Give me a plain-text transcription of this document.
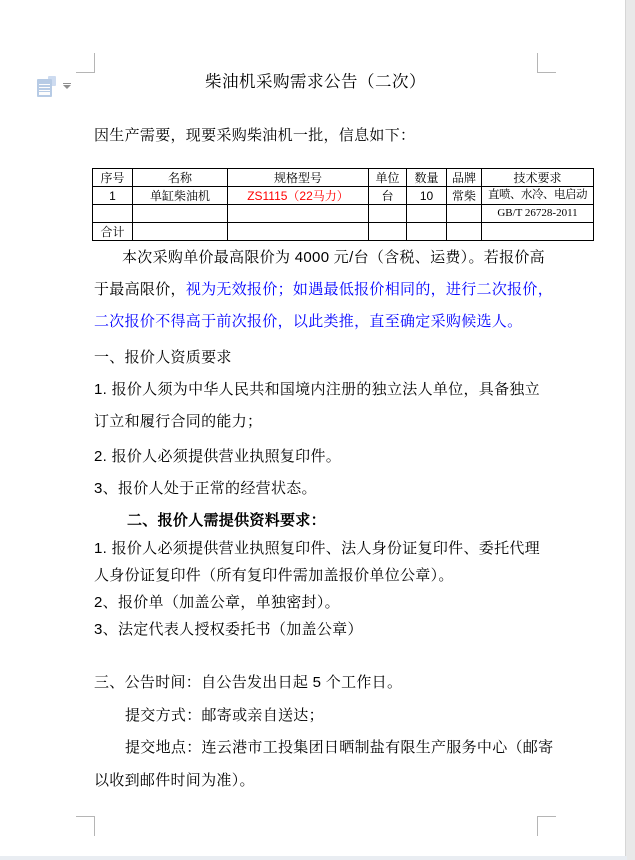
柴油机采购需求公告（二次）
因生产需要，现要采购柴油机一批，信息如下：
序号	名称	规格型号	单位	数量	品牌	技术要求
1	单缸柴油机	ZS1115（22马力）	台	10	常柴	直喷、水冷、电启动
						GB/T 26728-2011
合计						
本次采购单价最高限价为 4000 元/台（含税、运费）。若报价高
于最高限价，视为无效报价；如遇最低报价相同的，进行二次报价，
二次报价不得高于前次报价，以此类推，直至确定采购候选人。
一、报价人资质要求
1. 报价人须为中华人民共和国境内注册的独立法人单位，具备独立
订立和履行合同的能力；
2. 报价人必须提供营业执照复印件。
3、报价人处于正常的经营状态。
二、报价人需提供资料要求：
1. 报价人必须提供营业执照复印件、法人身份证复印件、委托代理
人身份证复印件（所有复印件需加盖报价单位公章）。
2、报价单（加盖公章，单独密封）。
3、法定代表人授权委托书（加盖公章）
三、公告时间：自公告发出日起 5 个工作日。
提交方式：邮寄或亲自送达；
提交地点：连云港市工投集团日晒制盐有限生产服务中心（邮寄
以收到邮件时间为准）。
